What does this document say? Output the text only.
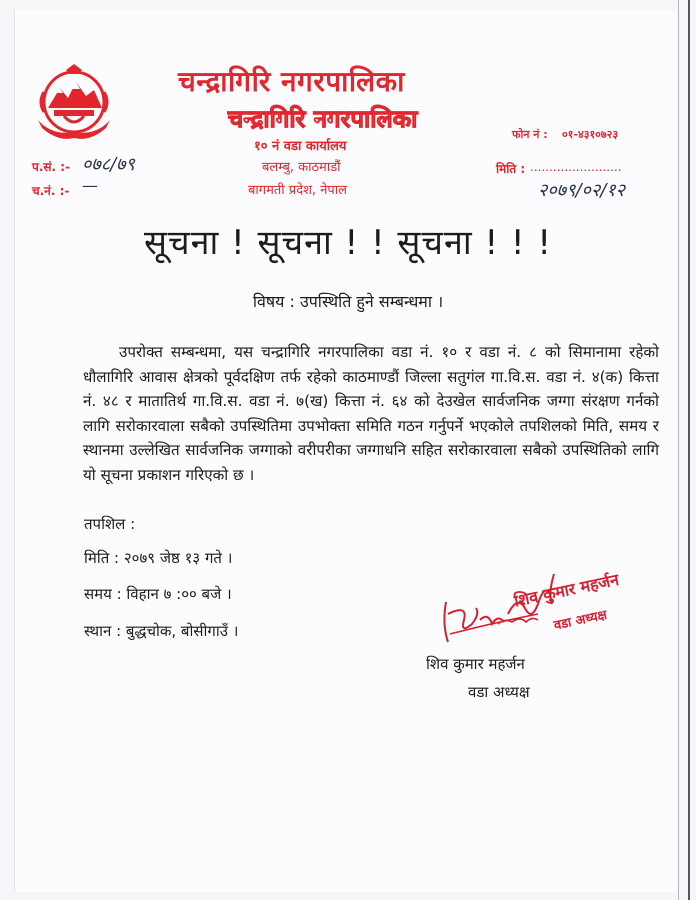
चन्द्रागिरि नगरपालिका
चन्द्रागिरि नगरपालिका
१० नं वडा कार्यालय
बलम्बु, काठमाडौं
बागमती प्रदेश, नेपाल
फोन नं : ०१-४३१०७२३
मिति : ........................
२०७९/०२/१२
प.सं. :- ०७८/७९
च.नं. :- —
सूचना ! सूचना ! ! सूचना ! ! !
विषय : उपस्थिति हुने सम्बन्धमा ।
उपरोक्त सम्बन्धमा, यस चन्द्रागिरि नगरपालिका वडा नं. १० र वडा नं. ८ को सिमानामा रहेको धौलागिरि आवास क्षेत्रको पूर्वदक्षिण तर्फ रहेको काठमाण्डौं जिल्ला सतुगंल गा.वि.स. वडा नं. ४(क) कित्ता नं. ४८ र मातातिर्थ गा.वि.स. वडा नं. ७(ख) कित्ता नं. ६४ को देउखेल सार्वजनिक जग्गा संरक्षण गर्नको लागि सरोकारवाला सबैको उपस्थितिमा उपभोक्ता समिति गठन गर्नुपर्ने भएकोले तपशिलको मिति, समय र स्थानमा उल्लेखित सार्वजनिक जग्गाको वरीपरीका जग्गाधनि सहित सरोकारवाला सबैको उपस्थितिको लागि यो सूचना प्रकाशन गरिएको छ ।
तपशिल :
मिति : २०७९ जेष्ठ १३ गते ।
समय : विहान ७ :०० बजे ।
स्थान : बुद्धचोक, बोसीगाउँ ।
शिव कुमार महर्जन
वडा अध्यक्ष
शिव कुमार महर्जन
वडा अध्यक्ष
